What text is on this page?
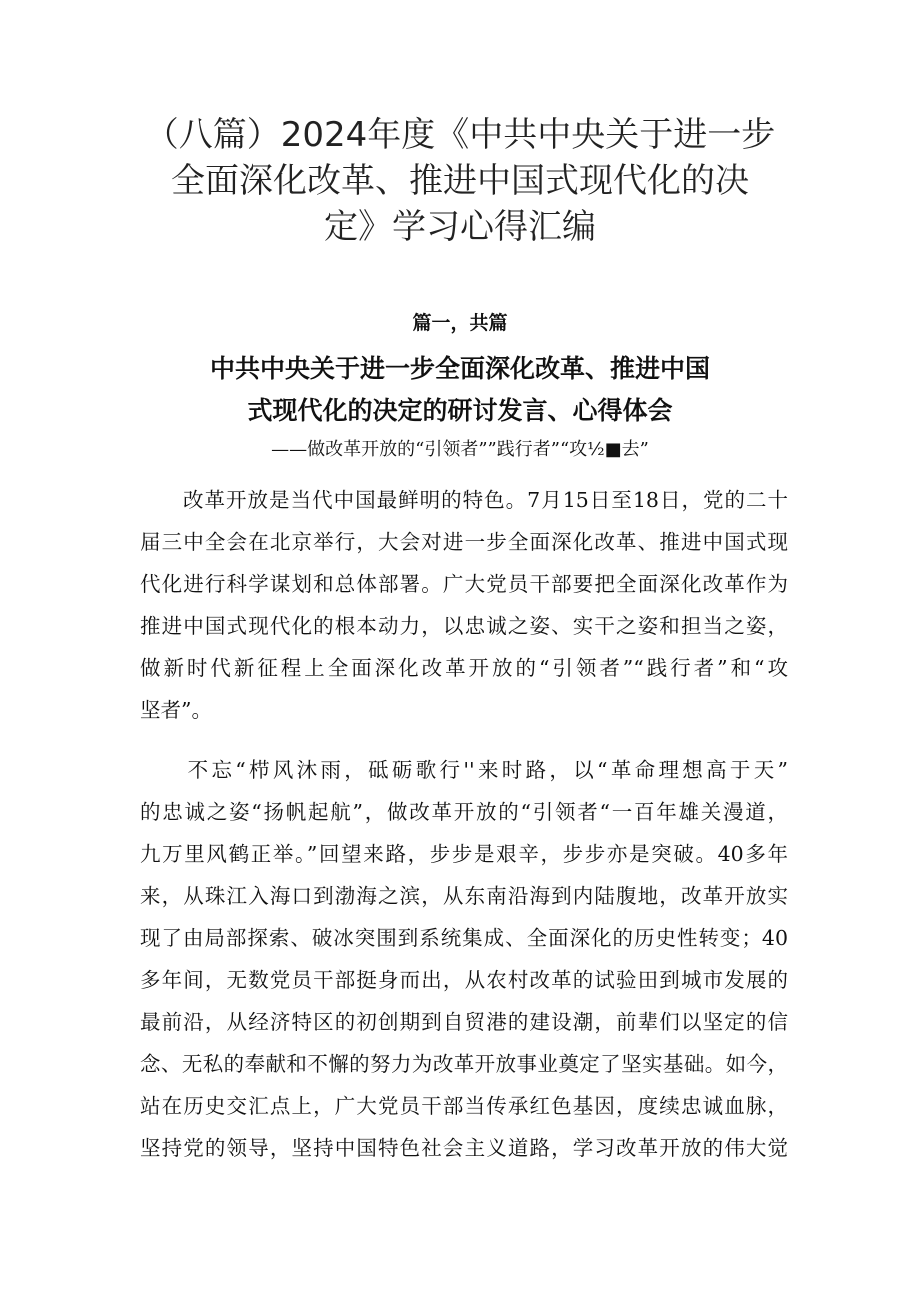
（八篇）2024年度《中共中央关于进一步
全面深化改革、推进中国式现代化的决
定》学习心得汇编
篇一，共篇
中共中央关于进一步全面深化改革、推进中国
式现代化的决定的研讨发言、心得体会
——做改革开放的“引领者””践行者”“攻½■去”

　　改革开放是当代中国最鲜明的特色。7月15日至18日，党的二十
届三中全会在北京举行，大会对进一步全面深化改革、推进中国式现
代化进行科学谋划和总体部署。广大党员干部要把全面深化改革作为
推进中国式现代化的根本动力，以忠诚之姿、实干之姿和担当之姿，
做新时代新征程上全面深化改革开放的“引领者”“践行者”和“攻
坚者”。

　　不忘“栉风沐雨，砥砺歌行''来时路，以“革命理想高于天”
的忠诚之姿“扬帆起航”，做改革开放的“引领者“一百年雄关漫道，
九万里风鹤正举。”回望来路，步步是艰辛，步步亦是突破。40多年
来，从珠江入海口到渤海之滨，从东南沿海到内陆腹地，改革开放实
现了由局部探索、破冰突围到系统集成、全面深化的历史性转变；40
多年间，无数党员干部挺身而出，从农村改革的试验田到城市发展的
最前沿，从经济特区的初创期到自贸港的建设潮，前辈们以坚定的信
念、无私的奉献和不懈的努力为改革开放事业奠定了坚实基础。如今，
站在历史交汇点上，广大党员干部当传承红色基因，度续忠诚血脉，
坚持党的领导，坚持中国特色社会主义道路，学习改革开放的伟大觉
